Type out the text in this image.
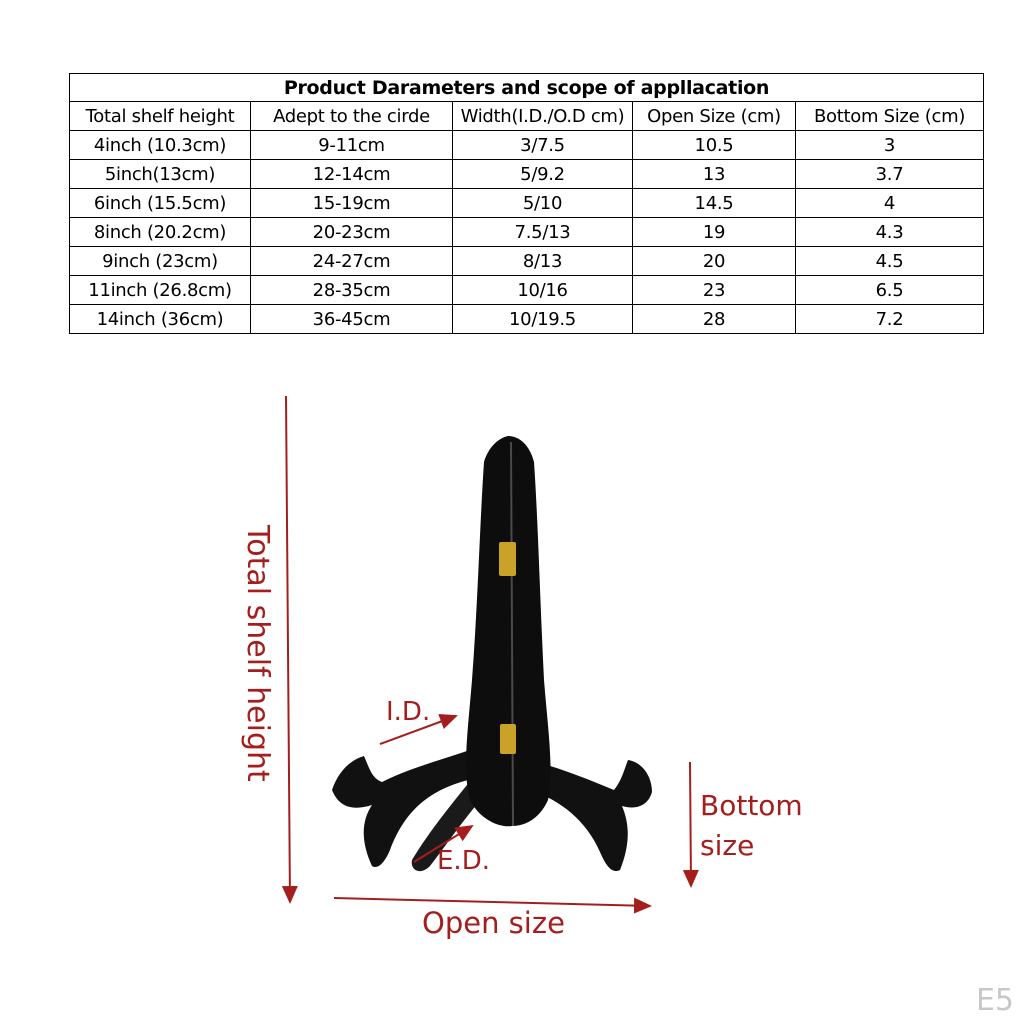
Product Darameters and scope of appllacation				
Total shelf height	Adept to the cirde	Width(I.D./O.D cm)	Open Size (cm)	Bottom Size (cm)
4inch (10.3cm)	9-11cm	3/7.5	10.5	3
5inch(13cm)	12-14cm	5/9.2	13	3.7
6inch (15.5cm)	15-19cm	5/10	14.5	4
8inch (20.2cm)	20-23cm	7.5/13	19	4.3
9inch (23cm)	24-27cm	8/13	20	4.5
11inch (26.8cm)	28-35cm	10/16	23	6.5
14inch (36cm)	36-45cm	10/19.5	28	7.2
Total shelf height	I.D.
E.D.
Bottom
size
Open size
E5
